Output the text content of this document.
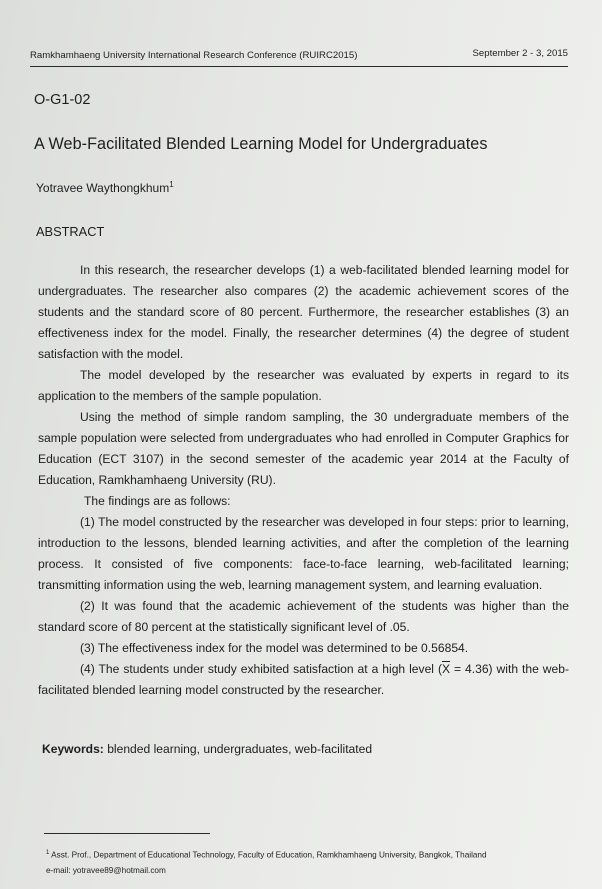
Ramkhamhaeng University International Research Conference (RUIRC2015)	September 2 - 3, 2015
O-G1-02
A Web-Facilitated Blended Learning Model for Undergraduates
Yotravee Waythongkhum$^1$
ABSTRACT

In this research, the researcher develops (1) a web-facilitated blended learning model for undergraduates. The researcher also compares (2) the academic achievement scores of the students and the standard score of 80 percent. Furthermore, the researcher establishes (3) an effectiveness index for the model. Finally, the researcher determines (4) the degree of student satisfaction with the model.

The model developed by the researcher was evaluated by experts in regard to its application to the members of the sample population.

Using the method of simple random sampling, the 30 undergraduate members of the sample population were selected from undergraduates who had enrolled in Computer Graphics for Education (ECT 3107) in the second semester of the academic year 2014 at the Faculty of Education, Ramkhamhaeng University (RU).

The findings are as follows:

(1) The model constructed by the researcher was developed in four steps: prior to learning, introduction to the lessons, blended learning activities, and after the completion of the learning process. It consisted of five components: face-to-face learning, web-facilitated learning; transmitting information using the web, learning management system, and learning evaluation.

(2) It was found that the academic achievement of the students was higher than the standard score of 80 percent at the statistically significant level of .05.

(3) The effectiveness index for the model was determined to be 0.56854.

(4) The students under study exhibited satisfaction at a high level $(\overline{X} = 4.36)$ with the web-facilitated blended learning model constructed by the researcher.

Keywords: blended learning, undergraduates, web-facilitated
$^1$ Asst. Prof., Department of Educational Technology, Faculty of Education, Ramkhamhaeng University, Bangkok, Thailand
e-mail: yotravee89@hotmail.com
